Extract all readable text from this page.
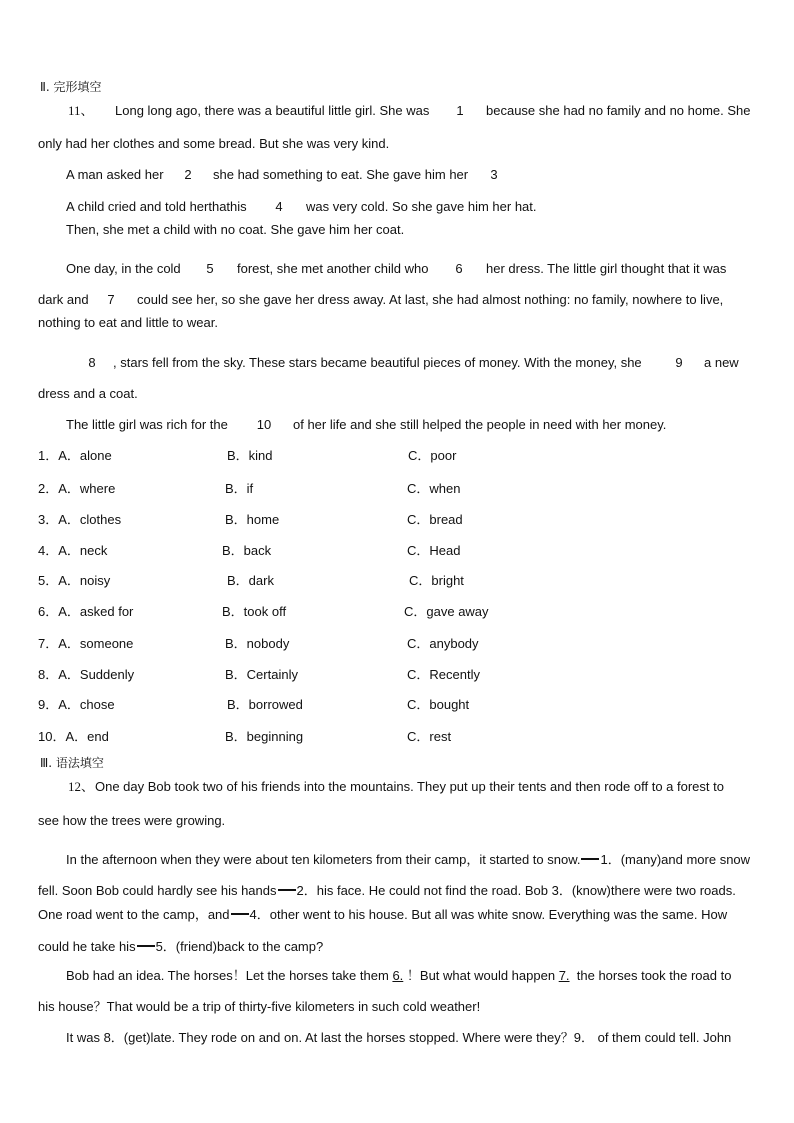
Ⅱ. 完形填空
11、 Long long ago, there was a beautiful little girl. She was	1	because she had no family and no home. She
only had her clothes and some bread. But she was very kind.
A man asked her	2	she had something to eat. She gave him her	3
A child cried and told herthathis	4	was very cold. So she gave him her hat.
Then, she met a child with no coat. She gave him her coat.
One day, in the cold	5	forest, she met another child who	6	her dress. The little girl thought that it was
dark and	7	could see her, so she gave her dress away. At last, she had almost nothing: no family, nowhere to live,
nothing to eat and little to wear.
8	, stars fell from the sky. These stars became beautiful pieces of money. With the money, she	9	a new
dress and a coat.
The little girl was rich for the 10 of her life and she still helped the people in need with her money.
1．A．alone	B．kind	C．poor
2．A．where	B．if	C．when
3．A．clothes	B．home	C．bread
4．A．neck	B．back	C．Head
5．A．noisy	B．dark	C．bright
6．A．asked for	B．took off	C．gave away
7．A．someone	B．nobody	C．anybody
8．A．Suddenly	B．Certainly	C．Recently
9．A．chose	B．borrowed	C．bought
10．A．end	B．beginning	C．rest
Ⅲ. 语法填空
12、 One day Bob took two of his friends into the mountains. They put up their tents and then rode off to a forest to
see how the trees were growing.
In the afternoon when they were about ten kilometers from their camp，it started to snow. 1．(many)and more snow
fell. Soon Bob could hardly see his hands 2．his face. He could not find the road. Bob 3．(know)there were two roads.
One road went to the camp，and 4．other went to his house. But all was white snow. Everything was the same. How
could he take his 5．(friend)back to the camp?
Bob had an idea. The horses！Let the horses take them 6. ！But what would happen 7. the horses took the road to
his house？That would be a trip of thirty-five kilometers in such cold weather!
It was 8．(get)late. They rode on and on. At last the horses stopped. Where were they？9． of them could tell. John
